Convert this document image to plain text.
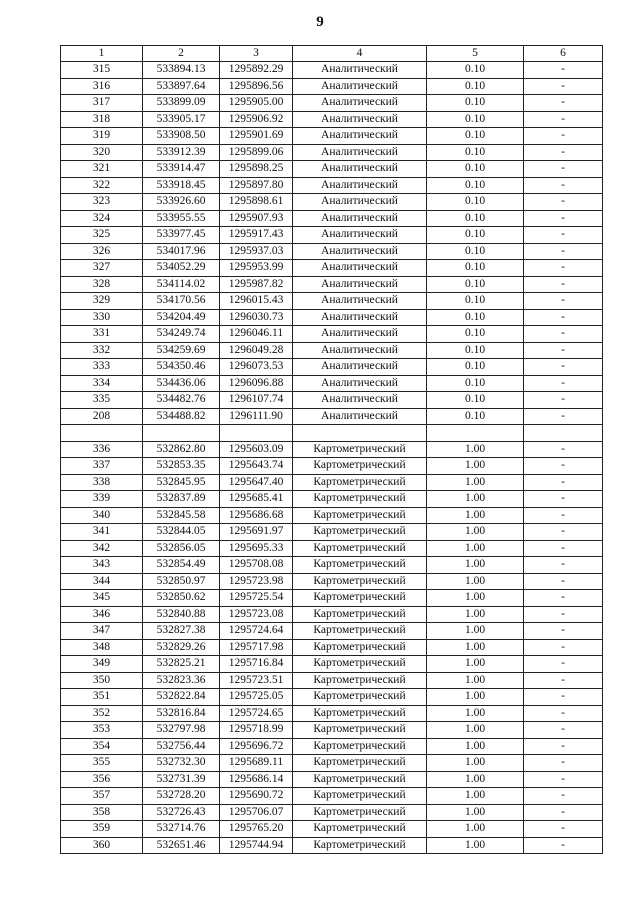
9
1	2	3	4	5	6
315	533894.13	1295892.29	Аналитический	0.10	-
316	533897.64	1295896.56	Аналитический	0.10	-
317	533899.09	1295905.00	Аналитический	0.10	-
318	533905.17	1295906.92	Аналитический	0.10	-
319	533908.50	1295901.69	Аналитический	0.10	-
320	533912.39	1295899.06	Аналитический	0.10	-
321	533914.47	1295898.25	Аналитический	0.10	-
322	533918.45	1295897.80	Аналитический	0.10	-
323	533926.60	1295898.61	Аналитический	0.10	-
324	533955.55	1295907.93	Аналитический	0.10	-
325	533977.45	1295917.43	Аналитический	0.10	-
326	534017.96	1295937.03	Аналитический	0.10	-
327	534052.29	1295953.99	Аналитический	0.10	-
328	534114.02	1295987.82	Аналитический	0.10	-
329	534170.56	1296015.43	Аналитический	0.10	-
330	534204.49	1296030.73	Аналитический	0.10	-
331	534249.74	1296046.11	Аналитический	0.10	-
332	534259.69	1296049.28	Аналитический	0.10	-
333	534350.46	1296073.53	Аналитический	0.10	-
334	534436.06	1296096.88	Аналитический	0.10	-
335	534482.76	1296107.74	Аналитический	0.10	-
208	534488.82	1296111.90	Аналитический	0.10	-

336	532862.80	1295603.09	Картометрический	1.00	-
337	532853.35	1295643.74	Картометрический	1.00	-
338	532845.95	1295647.40	Картометрический	1.00	-
339	532837.89	1295685.41	Картометрический	1.00	-
340	532845.58	1295686.68	Картометрический	1.00	-
341	532844.05	1295691.97	Картометрический	1.00	-
342	532856.05	1295695.33	Картометрический	1.00	-
343	532854.49	1295708.08	Картометрический	1.00	-
344	532850.97	1295723.98	Картометрический	1.00	-
345	532850.62	1295725.54	Картометрический	1.00	-
346	532840.88	1295723.08	Картометрический	1.00	-
347	532827.38	1295724.64	Картометрический	1.00	-
348	532829.26	1295717.98	Картометрический	1.00	-
349	532825.21	1295716.84	Картометрический	1.00	-
350	532823.36	1295723.51	Картометрический	1.00	-
351	532822.84	1295725.05	Картометрический	1.00	-
352	532816.84	1295724.65	Картометрический	1.00	-
353	532797.98	1295718.99	Картометрический	1.00	-
354	532756.44	1295696.72	Картометрический	1.00	-
355	532732.30	1295689.11	Картометрический	1.00	-
356	532731.39	1295686.14	Картометрический	1.00	-
357	532728.20	1295690.72	Картометрический	1.00	-
358	532726.43	1295706.07	Картометрический	1.00	-
359	532714.76	1295765.20	Картометрический	1.00	-
360	532651.46	1295744.94	Картометрический	1.00	-
